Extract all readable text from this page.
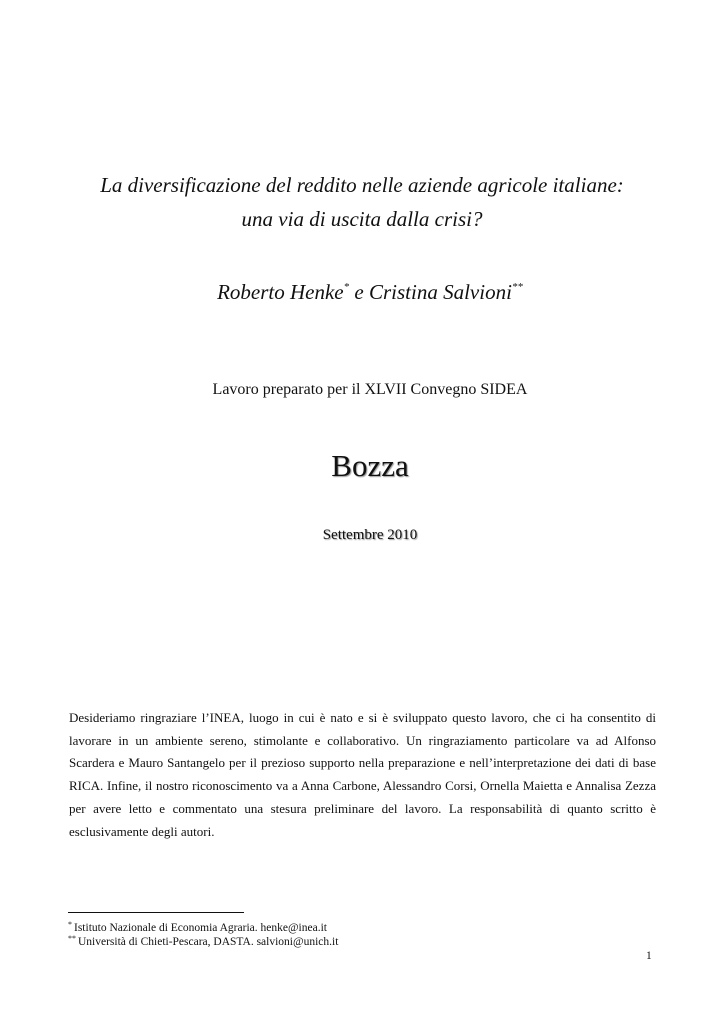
La diversificazione del reddito nelle aziende agricole italiane:
una via di uscita dalla crisi?
Roberto Henke* e Cristina Salvioni**
Lavoro preparato per il XLVII Convegno SIDEA
Bozza
Settembre 2010
Desideriamo ringraziare l’INEA, luogo in cui è nato e si è sviluppato questo lavoro, che ci ha consentito di lavorare in un ambiente sereno, stimolante e collaborativo. Un ringraziamento particolare va ad Alfonso Scardera e Mauro Santangelo per il prezioso supporto nella preparazione e nell’interpretazione dei dati di base RICA. Infine, il nostro riconoscimento va a Anna Carbone, Alessandro Corsi, Ornella Maietta e Annalisa Zezza per avere letto e commentato una stesura preliminare del lavoro. La responsabilità di quanto scritto è esclusivamente degli autori.
* Istituto Nazionale di Economia Agraria. henke@inea.it
** Università di Chieti-Pescara, DASTA. salvioni@unich.it
1
